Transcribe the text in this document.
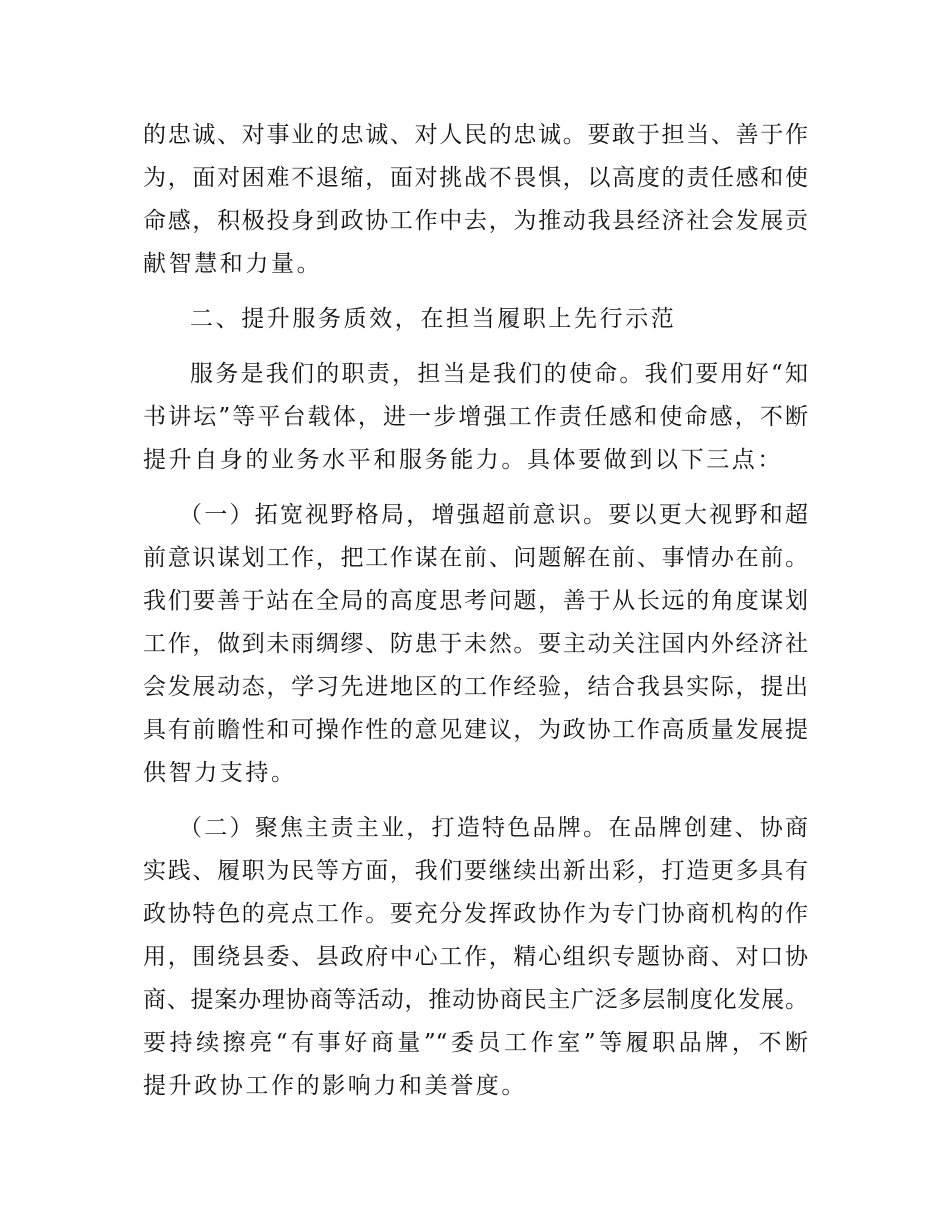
的忠诚、对事业的忠诚、对人民的忠诚。要敢于担当、善于作
为，面对困难不退缩，面对挑战不畏惧，以高度的责任感和使
命感，积极投身到政协工作中去，为推动我县经济社会发展贡
献智慧和力量。
二、提升服务质效，在担当履职上先行示范
服务是我们的职责，担当是我们的使命。我们要用好“知
书讲坛”等平台载体，进一步增强工作责任感和使命感，不断
提升自身的业务水平和服务能力。具体要做到以下三点：
（一）拓宽视野格局，增强超前意识。要以更大视野和超
前意识谋划工作，把工作谋在前、问题解在前、事情办在前。
我们要善于站在全局的高度思考问题，善于从长远的角度谋划
工作，做到未雨绸缪、防患于未然。要主动关注国内外经济社
会发展动态，学习先进地区的工作经验，结合我县实际，提出
具有前瞻性和可操作性的意见建议，为政协工作高质量发展提
供智力支持。
（二）聚焦主责主业，打造特色品牌。在品牌创建、协商
实践、履职为民等方面，我们要继续出新出彩，打造更多具有
政协特色的亮点工作。要充分发挥政协作为专门协商机构的作
用，围绕县委、县政府中心工作，精心组织专题协商、对口协
商、提案办理协商等活动，推动协商民主广泛多层制度化发展。
要持续擦亮“有事好商量”“委员工作室”等履职品牌，不断
提升政协工作的影响力和美誉度。
